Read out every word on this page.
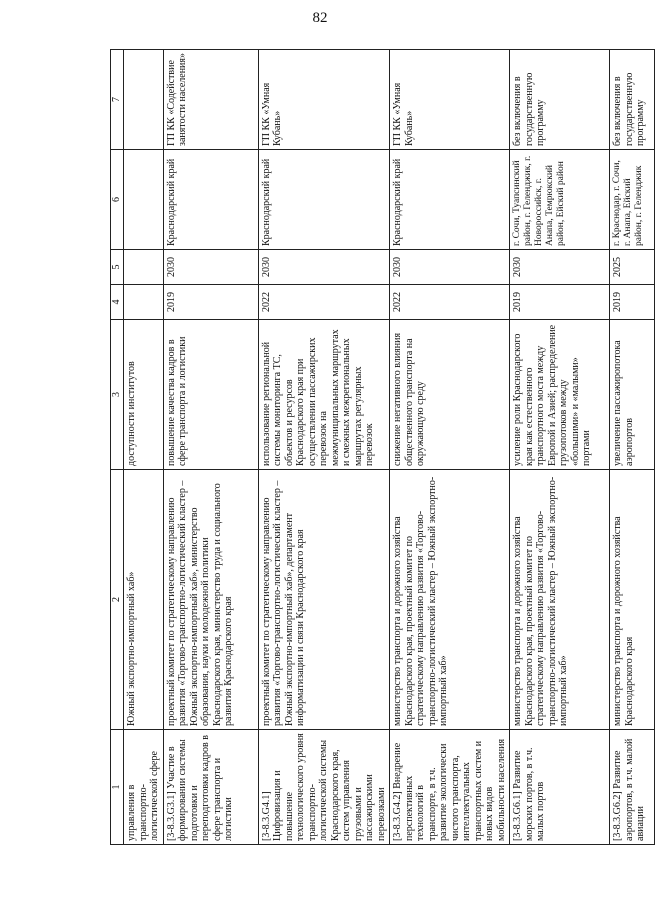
82
1	2	3	4	5	6	7
управления в транспортно-логистической сфере	Южный экспортно-импортный хаб»	доступности институтов				
[3-8.3.G3.1] Участие в формировании системы подготовки и переподготовки кадров в сфере транспорта и логистики	проектный комитет по стратегическому направлению развития «Торгово-транспортно-логистический кластер – Южный экспортно-импортный хаб», министерство образования, науки и молодежной политики Краснодарского края, министерство труда и социального развития Краснодарского края	повышение качества кадров в сфере транспорта и логистики	2019	2030	Краснодарский край	ГП КК «Содействие занятости населения»
[3-8.3.G4.1] Цифровизация и повышение технологического уровня транспортно-логистической системы Краснодарского края, систем управления грузовыми и пассажирскими перевозками	проектный комитет по стратегическому направлению развития «Торгово-транспортно-логистический кластер – Южный экспортно-импортный хаб», департамент информатизации и связи Краснодарского края	использование региональной системы мониторинга ТС, объектов и ресурсов Краснодарского края при осуществлении пассажирских перевозок на межмуниципальных маршрутах и смежных межрегиональных маршрутах регулярных перевозок	2022	2030	Краснодарский край	ГП КК «Умная Кубань»
[3-8.3.G4.2] Внедрение перспективных технологий в транспорте, в т.ч. развитие экологически чистого транспорта, интеллектуальных транспортных систем и новых видов мобильности населения	министерство транспорта и дорожного хозяйства Краснодарского края, проектный комитет по стратегическому направлению развития «Торгово-транспортно-логистический кластер – Южный экспортно-импортный хаб»	снижение негативного влияния общественного транспорта на окружающую среду	2022	2030	Краснодарский край	ГП КК «Умная Кубань»
[3-8.3.G6.1] Развитие морских портов, в т.ч. малых портов	министерство транспорта и дорожного хозяйства Краснодарского края, проектный комитет по стратегическому направлению развития «Торгово-транспортно-логистический кластер – Южный экспортно-импортный хаб»	усиление роли Краснодарского края как естественного транспортного моста между Европой и Азией; распределение грузопотоков между «большими» и «малыми» портами	2019	2030	г. Сочи, Туапсинский район, г. Геленджик, г. Новороссийск, г. Анапа, Темрюкский район, Ейский район	без включения в государственную программу
[3-8.3.G6.2] Развитие аэропортов, в т.ч. малой авиации	министерство транспорта и дорожного хозяйства Краснодарского края	увеличение пассажиропотока аэропортов	2019	2025	г. Краснодар, г. Сочи, г. Анапа, Ейский район, г. Геленджик	без включения в государственную программу
